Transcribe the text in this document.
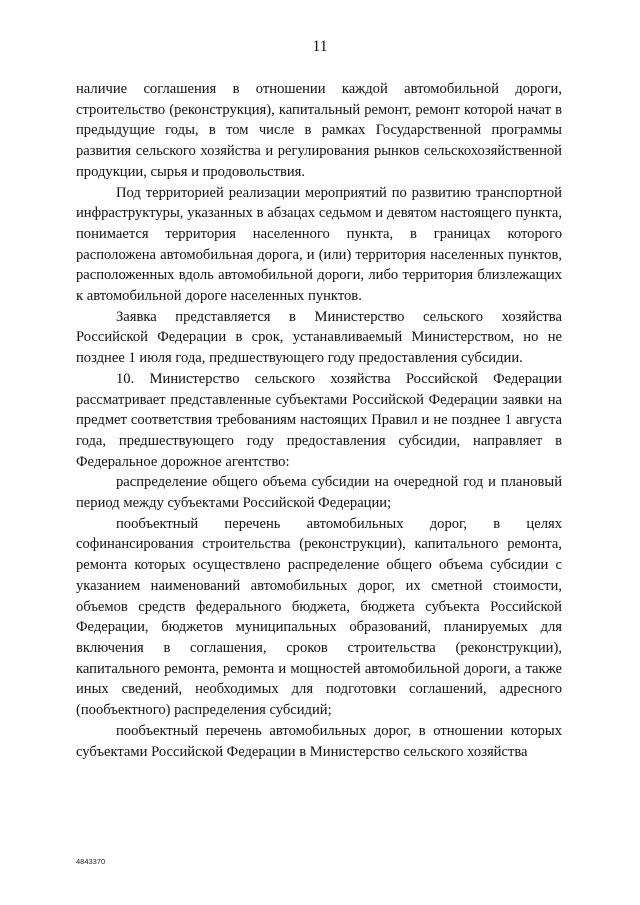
11

наличие соглашения в отношении каждой автомобильной дороги, строительство (реконструкция), капитальный ремонт, ремонт которой начат в предыдущие годы, в том числе в рамках Государственной программы развития сельского хозяйства и регулирования рынков сельскохозяйственной продукции, сырья и продовольствия.

Под территорией реализации мероприятий по развитию транспортной инфраструктуры, указанных в абзацах седьмом и девятом настоящего пункта, понимается территория населенного пункта, в границах которого расположена автомобильная дорога, и (или) территория населенных пунктов, расположенных вдоль автомобильной дороги, либо территория близлежащих к автомобильной дороге населенных пунктов.

Заявка представляется в Министерство сельского хозяйства Российской Федерации в срок, устанавливаемый Министерством, но не позднее 1 июля года, предшествующего году предоставления субсидии.

10. Министерство сельского хозяйства Российской Федерации рассматривает представленные субъектами Российской Федерации заявки на предмет соответствия требованиям настоящих Правил и не позднее 1 августа года, предшествующего году предоставления субсидии, направляет в Федеральное дорожное агентство:

распределение общего объема субсидии на очередной год и плановый период между субъектами Российской Федерации;

пообъектный перечень автомобильных дорог, в целях софинансирования строительства (реконструкции), капитального ремонта, ремонта которых осуществлено распределение общего объема субсидии с указанием наименований автомобильных дорог, их сметной стоимости, объемов средств федерального бюджета, бюджета субъекта Российской Федерации, бюджетов муниципальных образований, планируемых для включения в соглашения, сроков строительства (реконструкции), капитального ремонта, ремонта и мощностей автомобильной дороги, а также иных сведений, необходимых для подготовки соглашений, адресного (пообъектного) распределения субсидий;

пообъектный перечень автомобильных дорог, в отношении которых субъектами Российской Федерации в Министерство сельского хозяйства

4843370
